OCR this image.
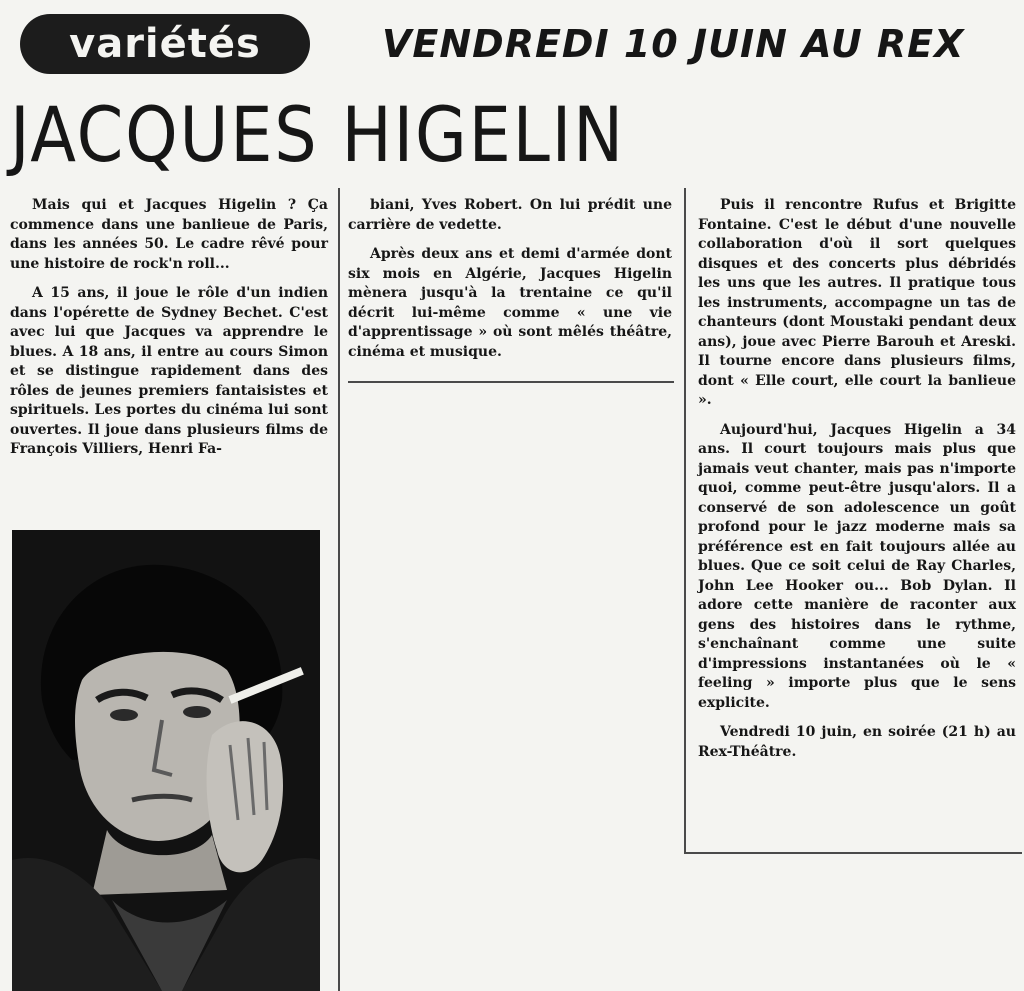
variétés	VENDREDI 10 JUIN AU REX
JACQUES HIGELIN

Mais qui et Jacques Higelin ? Ça commence dans une banlieue de Paris, dans les années 50. Le cadre rêvé pour une histoire de rock'n roll...

A 15 ans, il joue le rôle d'un indien dans l'opérette de Sydney Bechet. C'est avec lui que Jacques va apprendre le blues. A 18 ans, il entre au cours Simon et se distingue rapidement dans des rôles de jeunes premiers fantaisistes et spirituels. Les portes du cinéma lui sont ouvertes. Il joue dans plusieurs films de François Villiers, Henri Fa-

biani, Yves Robert. On lui prédit une carrière de vedette.

Après deux ans et demi d'armée dont six mois en Algérie, Jacques Higelin mènera jusqu'à la trentaine ce qu'il décrit lui-même comme « une vie d'apprentissage » où sont mêlés théâtre, cinéma et musique.

Puis il rencontre Rufus et Brigitte Fontaine. C'est le début d'une nouvelle collaboration d'où il sort quelques disques et des concerts plus débridés les uns que les autres. Il pratique tous les instruments, accompagne un tas de chanteurs (dont Moustaki pendant deux ans), joue avec Pierre Barouh et Areski. Il tourne encore dans plusieurs films, dont « Elle court, elle court la banlieue ».

Aujourd'hui, Jacques Higelin a 34 ans. Il court toujours mais plus que jamais veut chanter, mais pas n'importe quoi, comme peut-être jusqu'alors. Il a conservé de son adolescence un goût profond pour le jazz moderne mais sa préférence est en fait toujours allée au blues. Que ce soit celui de Ray Charles, John Lee Hooker ou... Bob Dylan. Il adore cette manière de raconter aux gens des histoires dans le rythme, s'enchaînant comme une suite d'impressions instantanées où le « feeling » importe plus que le sens explicite.

Vendredi 10 juin, en soirée (21 h) au Rex-Théâtre.
